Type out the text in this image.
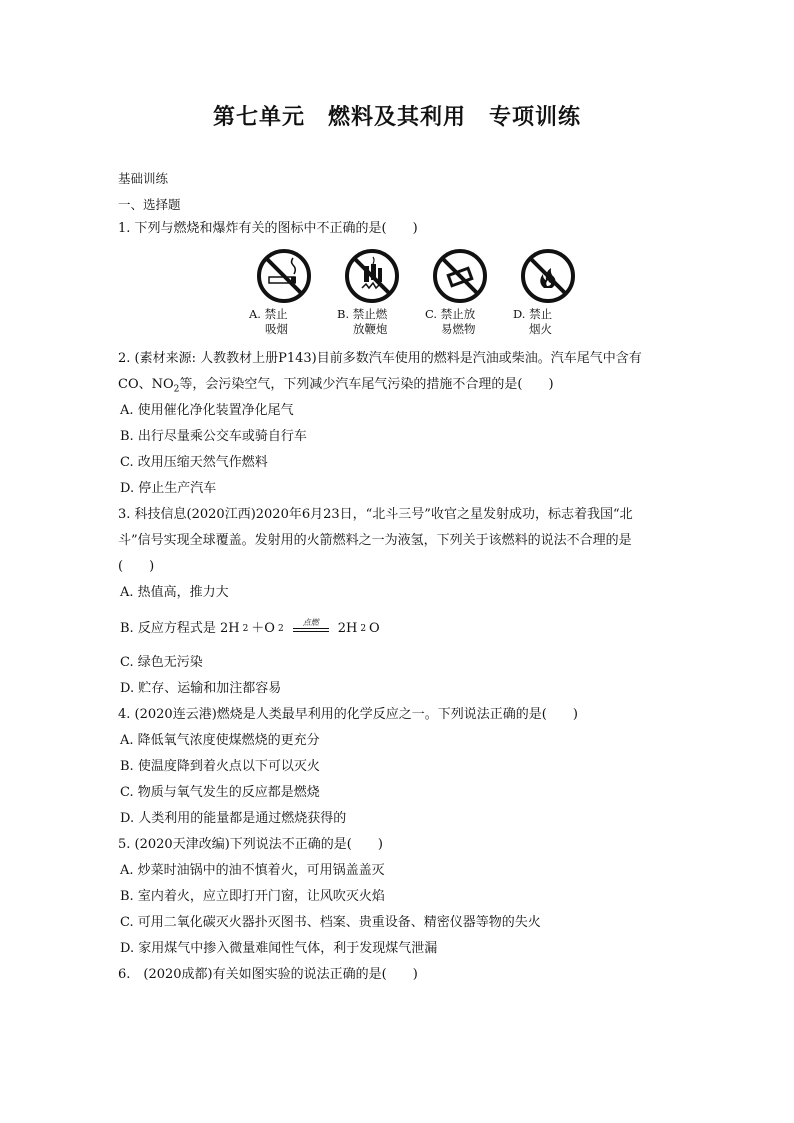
第七单元　燃料及其利用　专项训练
基础训练
一、选择题
1. 下列与燃烧和爆炸有关的图标中不正确的是(　　)
A. 禁止
吸烟
B. 禁止燃
放鞭炮
C. 禁止放
易燃物
D. 禁止
烟火
2. (素材来源: 人教教材上册P143)目前多数汽车使用的燃料是汽油或柴油。汽车尾气中含有
CO、$NO_2$等，会污染空气，下列减少汽车尾气污染的措施不合理的是(　　)
A. 使用催化净化装置净化尾气
B. 出行尽量乘公交车或骑自行车
C. 改用压缩天然气作燃料
D. 停止生产汽车
3. 科技信息(2020江西)2020年6月23日，“北斗三号”收官之星发射成功，标志着我国“北
斗”信号实现全球覆盖。发射用的火箭燃料之一为液氢，下列关于该燃料的说法不合理的是
(　　)
A. 热值高，推力大
B. 反应方程式是 2H 2 ＋O 2
点燃	2H 2 O
C. 绿色无污染
D. 贮存、运输和加注都容易
4. (2020连云港)燃烧是人类最早利用的化学反应之一。下列说法正确的是(　　)
A. 降低氧气浓度使煤燃烧的更充分
B. 使温度降到着火点以下可以灭火
C. 物质与氧气发生的反应都是燃烧
D. 人类利用的能量都是通过燃烧获得的
5. (2020天津改编)下列说法不正确的是(　　)
A. 炒菜时油锅中的油不慎着火，可用锅盖盖灭
B. 室内着火，应立即打开门窗，让风吹灭火焰
C. 可用二氧化碳灭火器扑灭图书、档案、贵重设备、精密仪器等物的失火
D. 家用煤气中掺入微量难闻性气体，利于发现煤气泄漏
6.　(2020成都)有关如图实验的说法正确的是(　　)
